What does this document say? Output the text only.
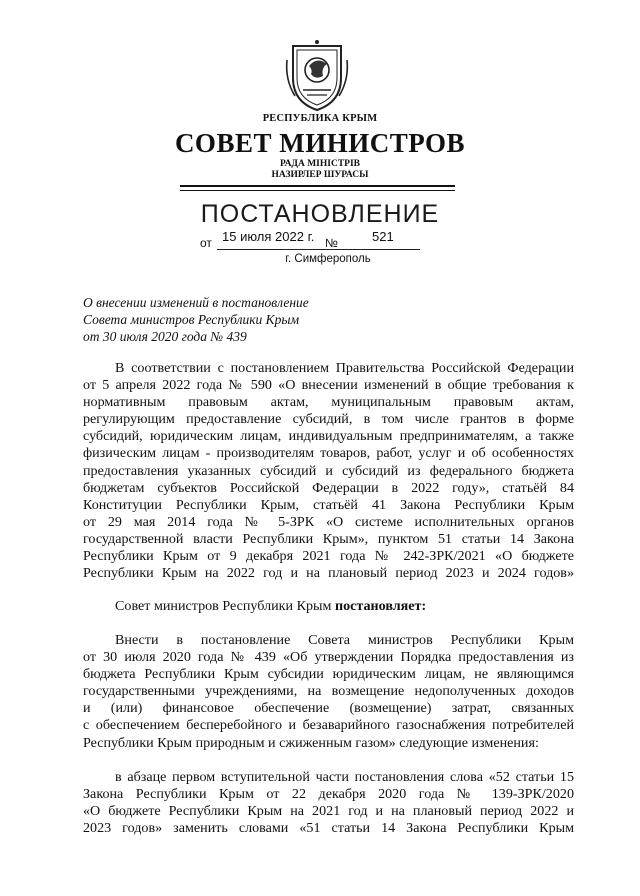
РЕСПУБЛИКА КРЫМ
СОВЕТ МИНИСТРОВ
РАДА МІНІСТРІВ
НАЗИРЛЕР ШУРАСЫ
ПОСТАНОВЛЕНИЕ
от 15 июля 2022 г. №	521
г. Симферополь
О внесении изменений в постановление
Совета министров Республики Крым
от 30 июля 2020 года № 439
В соответствии с постановлением Правительства Российской Федерации
от 5 апреля 2022 года № 590 «О внесении изменений в общие требования к
нормативным правовым актам, муниципальным правовым актам,
регулирующим предоставление субсидий, в том числе грантов в форме
субсидий, юридическим лицам, индивидуальным предпринимателям, а также
физическим лицам - производителям товаров, работ, услуг и об особенностях
предоставления указанных субсидий и субсидий из федерального бюджета
бюджетам субъектов Российской Федерации в 2022 году», статьёй 84
Конституции Республики Крым, статьёй 41 Закона Республики Крым
от 29 мая 2014 года № 5-ЗРК «О системе исполнительных органов
государственной власти Республики Крым», пунктом 51 статьи 14 Закона
Республики Крым от 9 декабря 2021 года № 242-ЗРК/2021 «О бюджете
Республики Крым на 2022 год и на плановый период 2023 и 2024 годов»
Совет министров Республики Крым постановляет:
Внести в постановление Совета министров Республики Крым
от 30 июля 2020 года № 439 «Об утверждении Порядка предоставления из
бюджета Республики Крым субсидии юридическим лицам, не являющимся
государственными учреждениями, на возмещение недополученных доходов
и (или) финансовое обеспечение (возмещение) затрат, связанных
с обеспечением бесперебойного и безаварийного газоснабжения потребителей
Республики Крым природным и сжиженным газом» следующие изменения:
в абзаце первом вступительной части постановления слова «52 статьи 15
Закона Республики Крым от 22 декабря 2020 года № 139-ЗРК/2020
«О бюджете Республики Крым на 2021 год и на плановый период 2022 и
2023 годов» заменить словами «51 статьи 14 Закона Республики Крым
